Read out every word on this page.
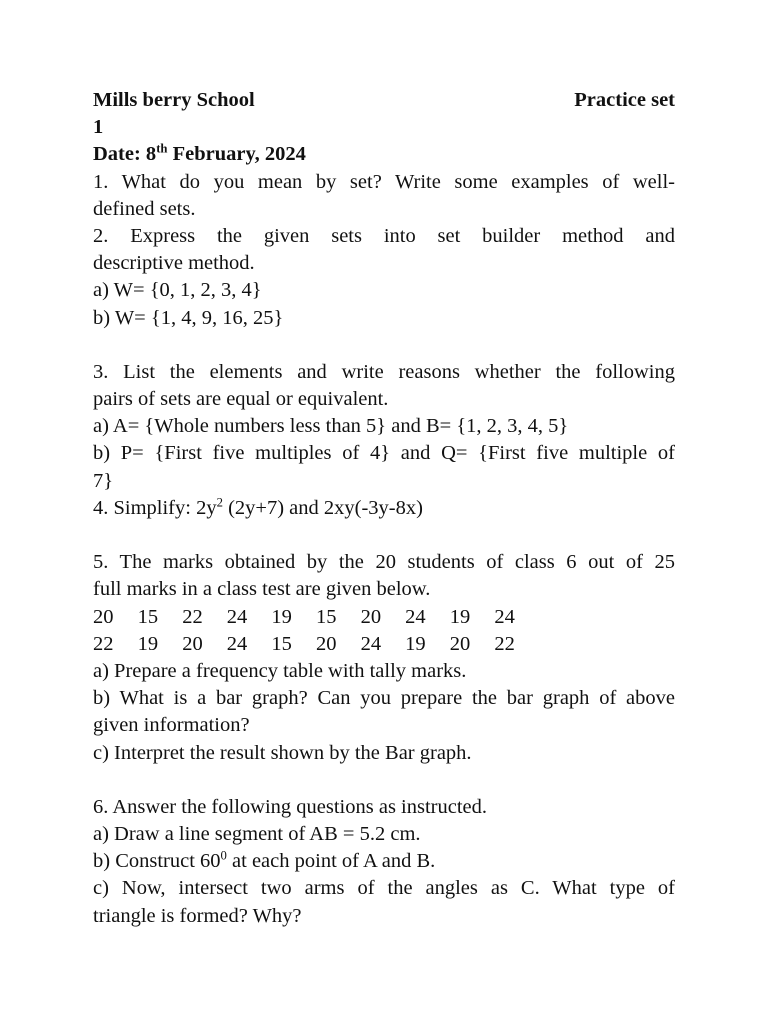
Mills berry School	Practice set
1
Date: 8th February, 2024
1. What do you mean by set? Write some examples of well-
defined sets.
2. Express the given sets into set builder method and
descriptive method.
a) W= {0, 1, 2, 3, 4}
b) W= {1, 4, 9, 16, 25}
3. List the elements and write reasons whether the following
pairs of sets are equal or equivalent.
a) A= {Whole numbers less than 5} and B= {1, 2, 3, 4, 5}
b) P= {First five multiples of 4} and Q= {First five multiple of
7}
4. Simplify: $2y^2$ (2y+7) and 2xy(-3y-8x)
5. The marks obtained by the 20 students of class 6 out of 25
full marks in a class test are given below.
20	15	22	24	19	15	20	24	19	24
22	19	20	24	15	20	24	19	20	22
a) Prepare a frequency table with tally marks.
b) What is a bar graph? Can you prepare the bar graph of above
given information?
c) Interpret the result shown by the Bar graph.
6. Answer the following questions as instructed.
a) Draw a line segment of AB = 5.2 cm.
b) Construct $60^0$ at each point of A and B.
c) Now, intersect two arms of the angles as C. What type of
triangle is formed? Why?
